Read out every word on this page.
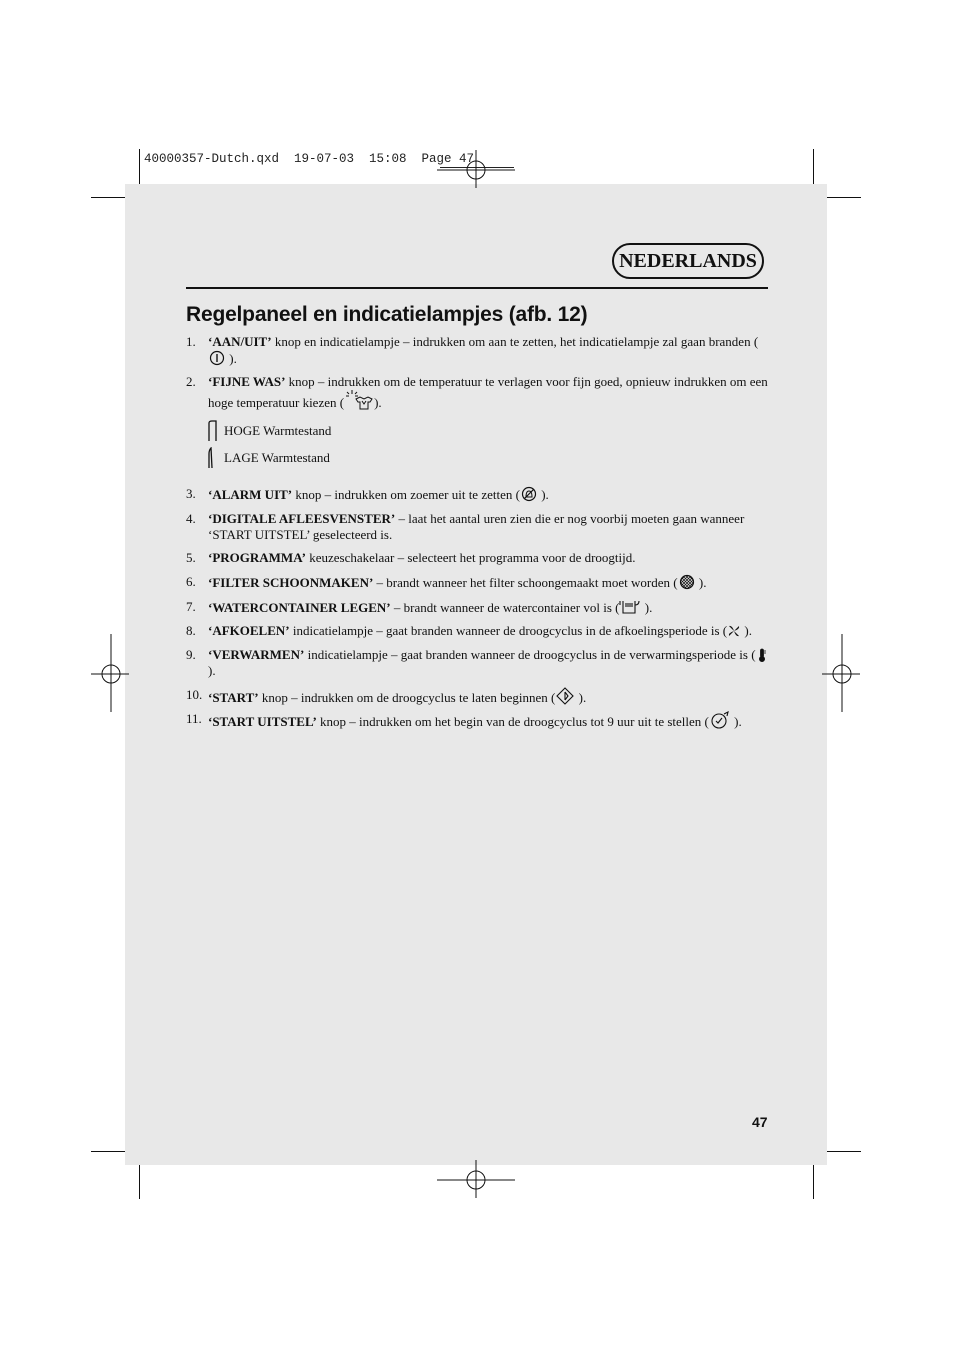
40000357-Dutch.qxd  19-07-03  15:08  Page 47
NEDERLANDS
Regelpaneel en indicatielampjes (afb. 12)
1. ‘AAN/UIT’ knop en indicatielampje – indrukken om aan te zetten, het indicatielampje zal gaan branden ( ).
2. ‘FIJNE WAS’ knop – indrukken om de temperatuur te verlagen voor fijn goed, opnieuw indrukken om een hoge temperatuur kiezen ( ).
HOGE Warmtestand
LAGE Warmtestand
3. ‘ALARM UIT’ knop – indrukken om zoemer uit te zetten ( ).
4. ‘DIGITALE AFLEESVENSTER’ – laat het aantal uren zien die er nog voorbij moeten gaan wanneer ‘START UITSTEL’ geselecteerd is.
5. ‘PROGRAMMA’ keuzeschakelaar – selecteert het programma voor de droogtijd.
6. ‘FILTER SCHOONMAKEN’ – brandt wanneer het filter schoongemaakt moet worden ( ).
7. ‘WATERCONTAINER LEGEN’ – brandt wanneer de watercontainer vol is ( ).
8. ‘AFKOELEN’ indicatielampje – gaat branden wanneer de droogcyclus in de afkoelingsperiode is ( ).
9. ‘VERWARMEN’ indicatielampje – gaat branden wanneer de droogcyclus in de verwarmingsperiode is ( ).
10. ‘START’ knop – indrukken om de droogcyclus te laten beginnen ( ).
11. ‘START UITSTEL’ knop – indrukken om het begin van de droogcyclus tot 9 uur uit te stellen ( ).
47
